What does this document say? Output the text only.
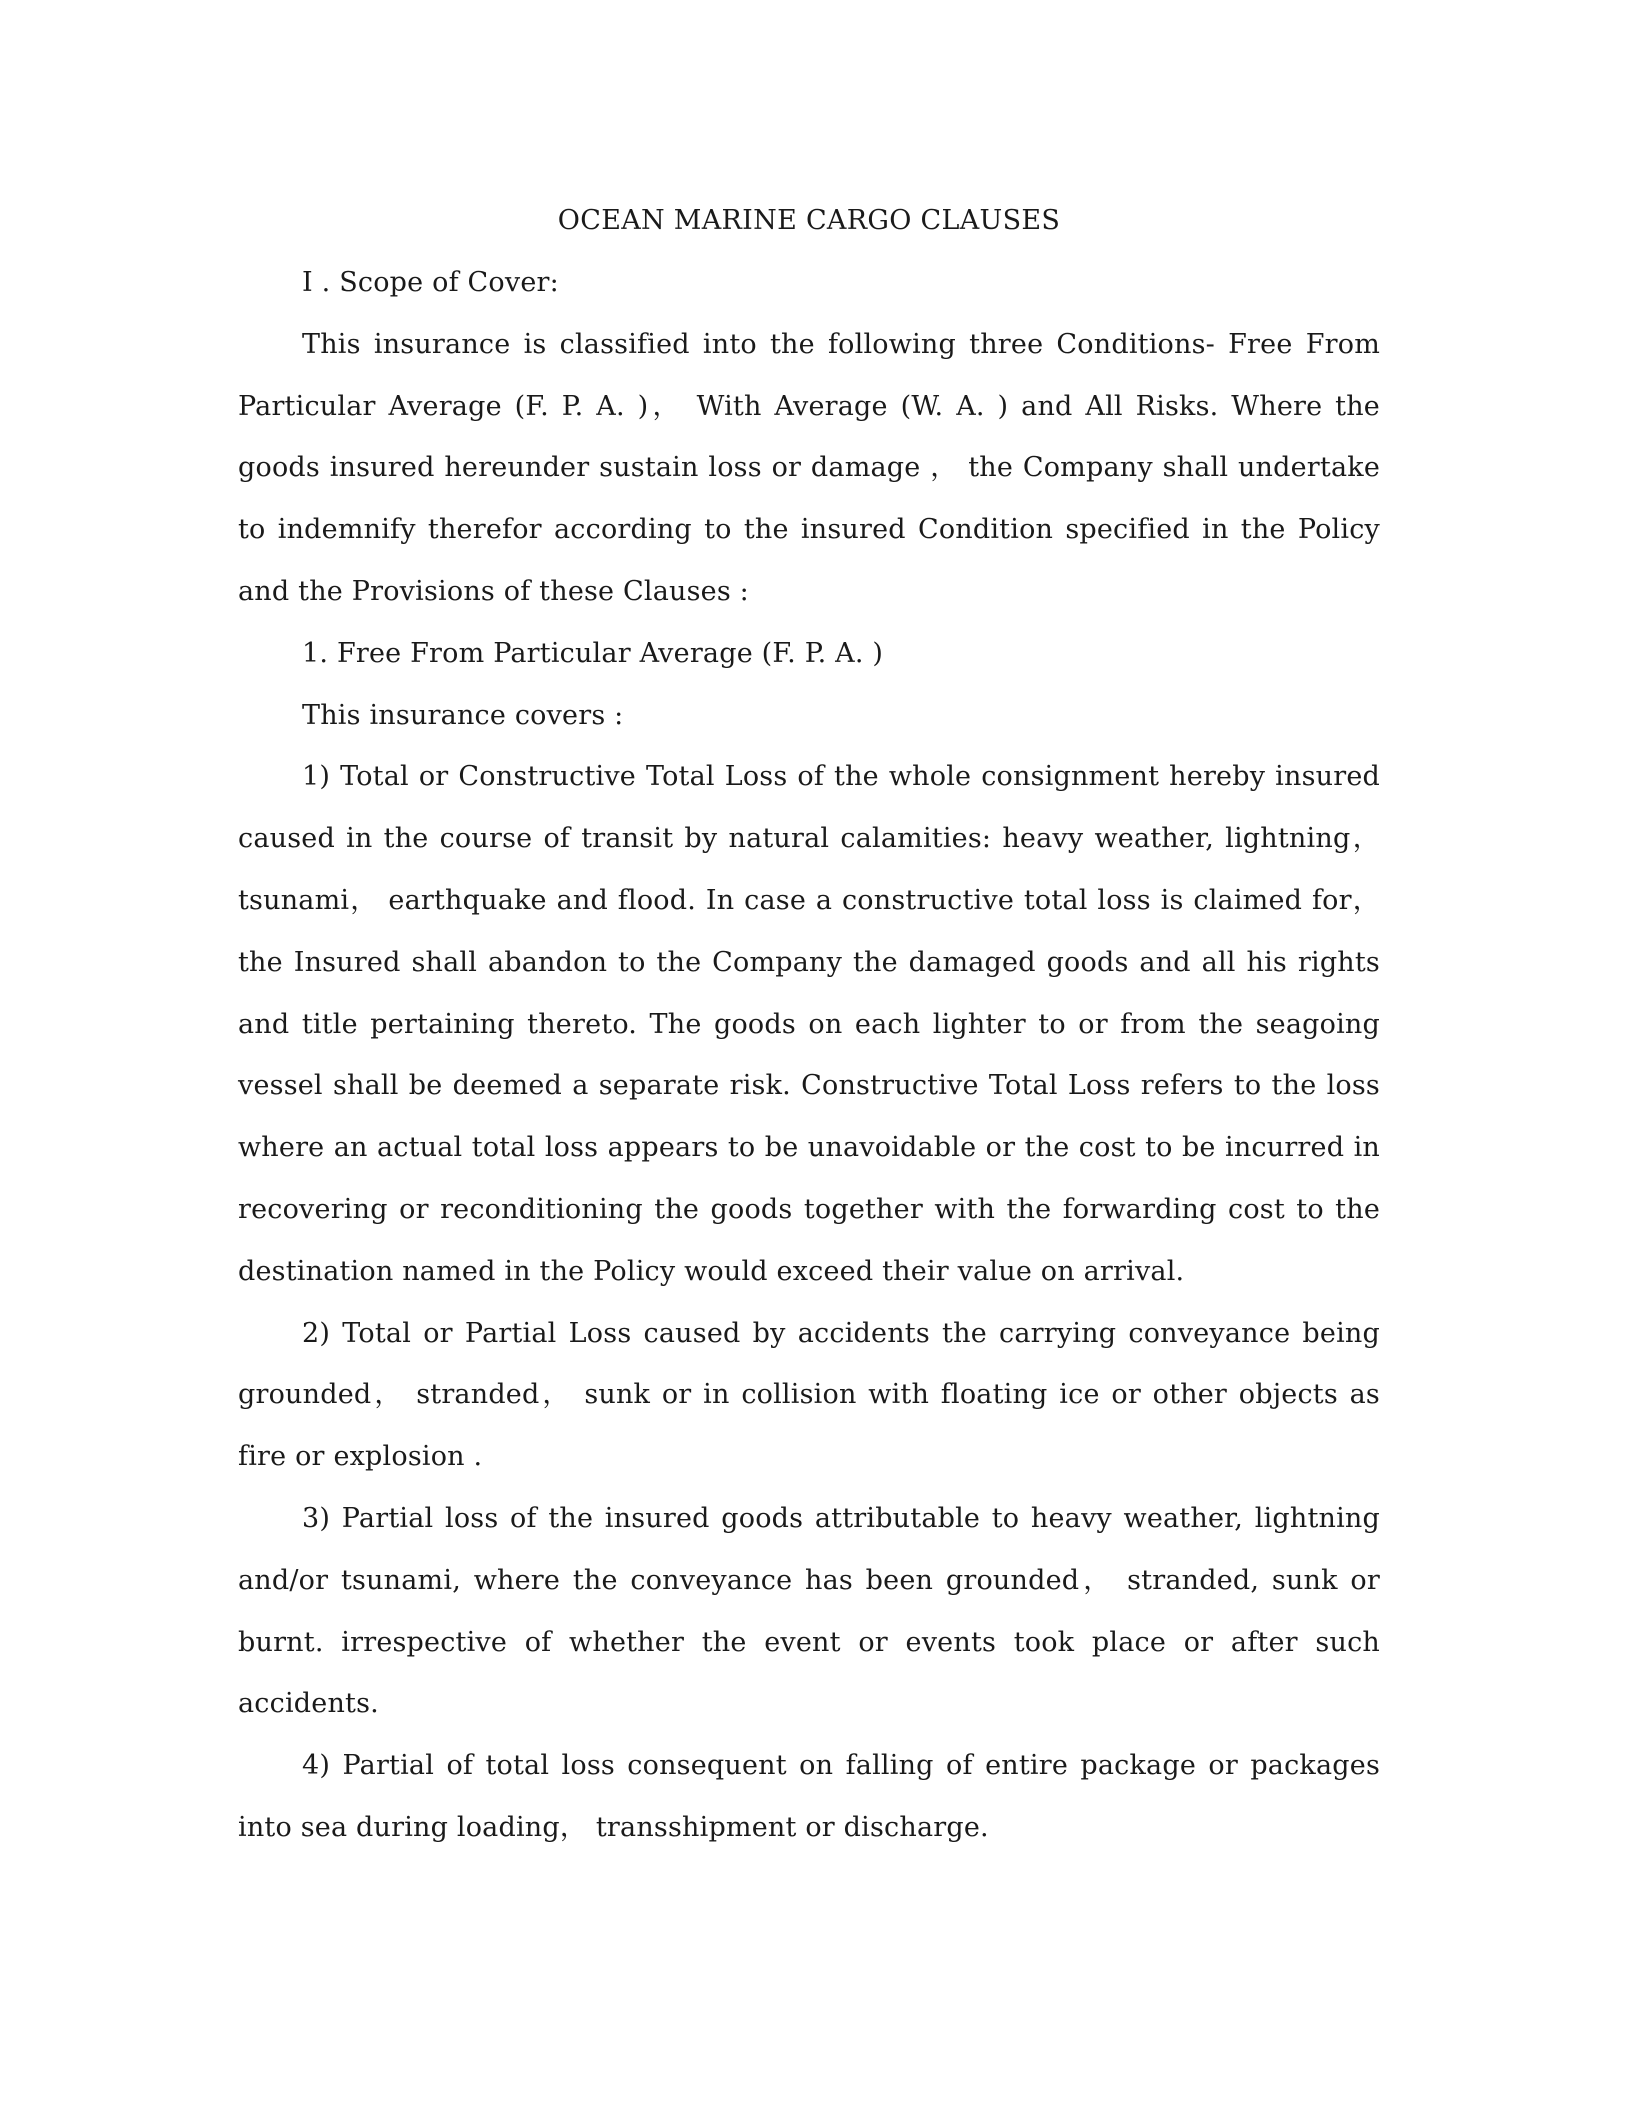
OCEAN MARINE CARGO CLAUSES

I . Scope of Cover:

This insurance is classified into the following three Conditions- Free From Particular Average (F. P. A. )， With Average (W. A. ) and All Risks. Where the goods insured hereunder sustain loss or damage ， the Company shall undertake to indemnify therefor according to the insured Condition specified in the Policy and the Provisions of these Clauses :

1. Free From Particular Average (F. P. A. )

This insurance covers :

1) Total or Constructive Total Loss of the whole consignment hereby insured caused in the course of transit by natural calamities: heavy weather, lightning， tsunami， earthquake and flood. In case a constructive total loss is claimed for， the Insured shall abandon to the Company the damaged goods and all his rights and title pertaining thereto. The goods on each lighter to or from the seagoing vessel shall be deemed a separate risk. Constructive Total Loss refers to the loss where an actual total loss appears to be unavoidable or the cost to be incurred in recovering or reconditioning the goods together with the forwarding cost to the destination named in the Policy would exceed their value on arrival.

2) Total or Partial Loss caused by accidents the carrying conveyance being grounded， stranded， sunk or in collision with floating ice or other objects as fire or explosion .

3) Partial loss of the insured goods attributable to heavy weather, lightning and/or tsunami, where the conveyance has been grounded， stranded, sunk or burnt. irrespective of whether the event or events took place or after such accidents.

4) Partial of total loss consequent on falling of entire package or packages into sea during loading， transshipment or discharge.
